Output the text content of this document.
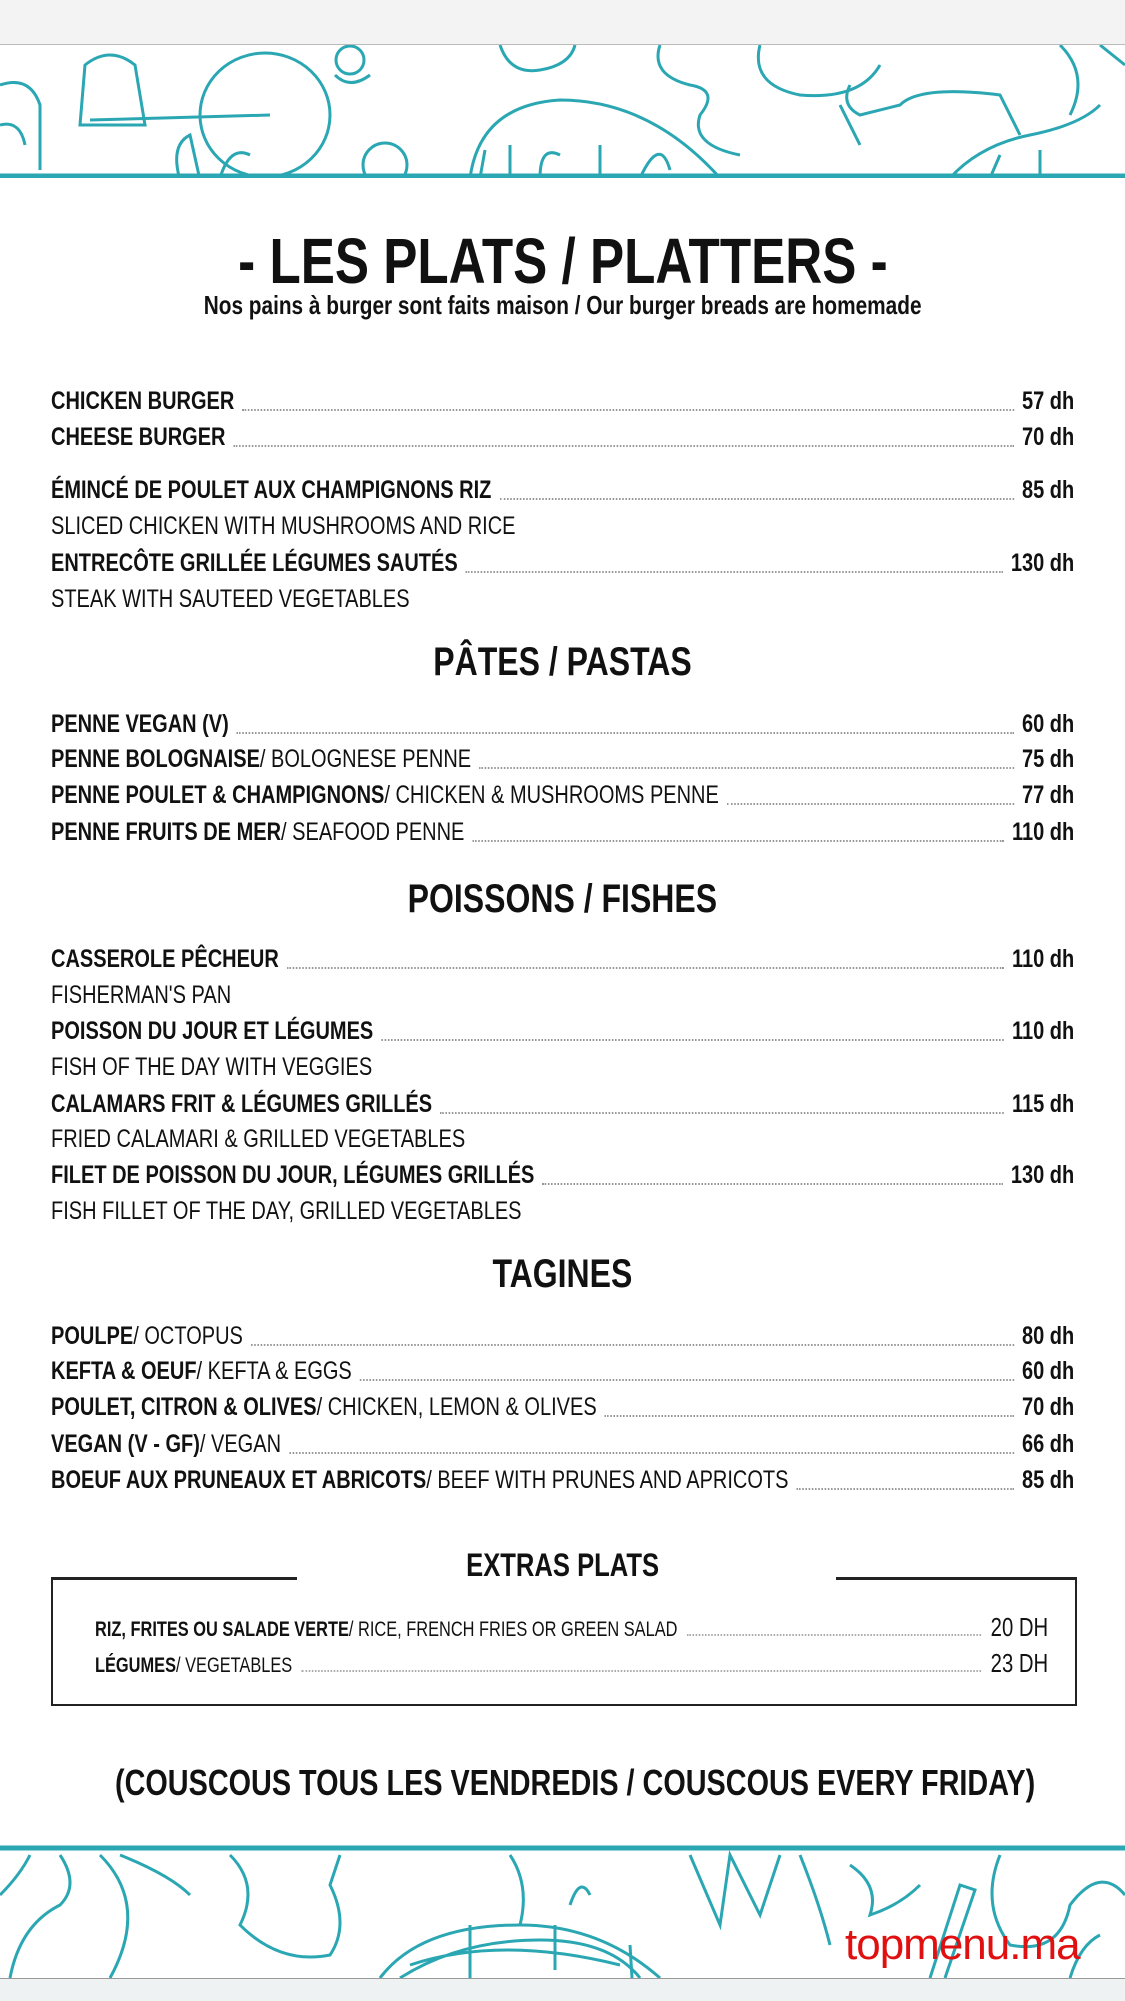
- LES PLATS / PLATTERS -
Nos pains à burger sont faits maison / Our burger breads are homemade
CHICKEN BURGER	57 dh
CHEESE BURGER	70 dh
ÉMINCÉ DE POULET AUX CHAMPIGNONS RIZ	85 dh
SLICED CHICKEN WITH MUSHROOMS AND RICE
ENTRECÔTE GRILLÉE LÉGUMES SAUTÉS	130 dh
STEAK WITH SAUTEED VEGETABLES
PÂTES / PASTAS
PENNE VEGAN (V)	60 dh
PENNE BOLOGNAISE / BOLOGNESE PENNE	75 dh
PENNE POULET & CHAMPIGNONS / CHICKEN & MUSHROOMS PENNE	77 dh
PENNE FRUITS DE MER / SEAFOOD PENNE	110 dh
POISSONS / FISHES
CASSEROLE PÊCHEUR	110 dh
FISHERMAN'S PAN
POISSON DU JOUR ET LÉGUMES	110 dh
FISH OF THE DAY WITH VEGGIES
CALAMARS FRIT & LÉGUMES GRILLÉS	115 dh
FRIED CALAMARI & GRILLED VEGETABLES
FILET DE POISSON DU JOUR, LÉGUMES GRILLÉS	130 dh
FISH FILLET OF THE DAY, GRILLED VEGETABLES
TAGINES
POULPE / OCTOPUS	80 dh
KEFTA & OEUF / KEFTA & EGGS	60 dh
POULET, CITRON & OLIVES / CHICKEN, LEMON & OLIVES	70 dh
VEGAN (V - GF) / VEGAN	66 dh
BOEUF AUX PRUNEAUX ET ABRICOTS / BEEF WITH PRUNES AND APRICOTS	85 dh
EXTRAS PLATS
RIZ, FRITES OU SALADE VERTE / RICE, FRENCH FRIES OR GREEN SALAD	20 DH
LÉGUMES / VEGETABLES	23 DH
(COUSCOUS TOUS LES VENDREDIS / COUSCOUS EVERY FRIDAY)
topmenu.ma
